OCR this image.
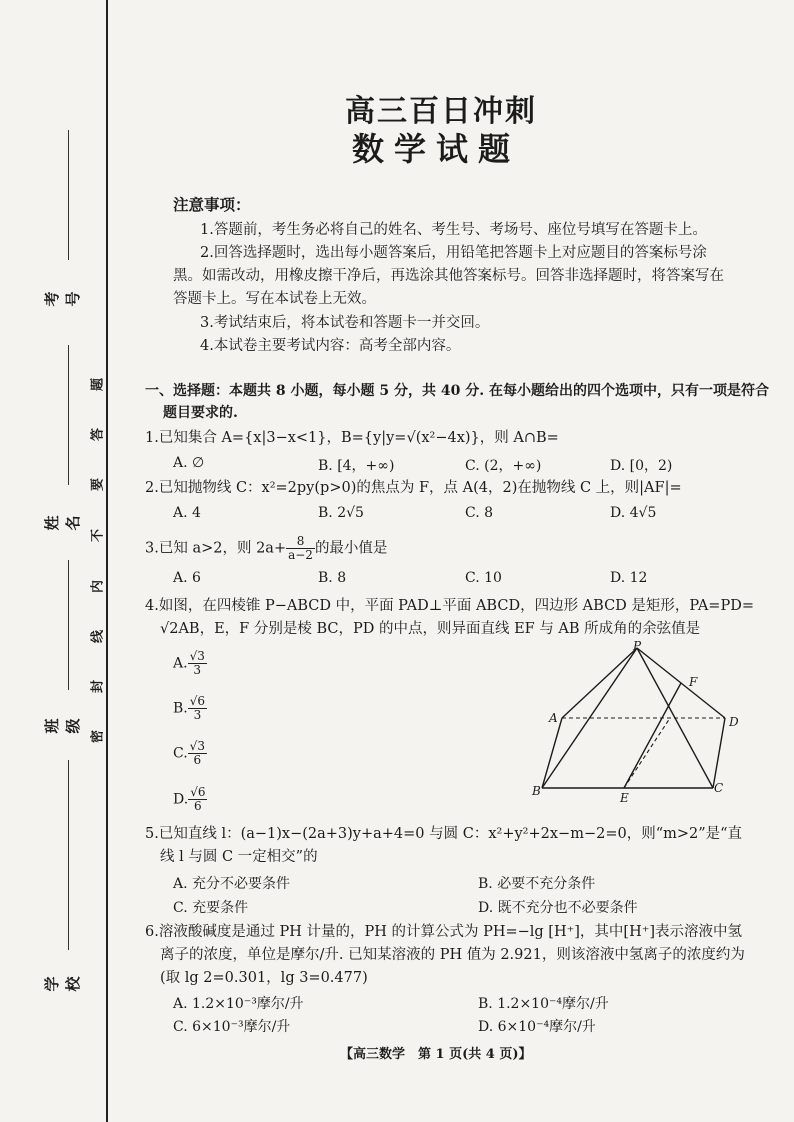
考号
姓名
班级
学校
题
答
要
不
内
线
封
密
高三百日冲刺
数学试题
注意事项：
1.答题前，考生务必将自己的姓名、考生号、考场号、座位号填写在答题卡上。
2.回答选择题时，选出每小题答案后，用铅笔把答题卡上对应题目的答案标号涂
黑。如需改动，用橡皮擦干净后，再选涂其他答案标号。回答非选择题时，将答案写在
答题卡上。写在本试卷上无效。
3.考试结束后，将本试卷和答题卡一并交回。
4.本试卷主要考试内容：高考全部内容。
一、选择题：本题共 8 小题，每小题 5 分，共 40 分. 在每小题给出的四个选项中，只有一项是符合
题目要求的.
1.已知集合 A={x|3−x<1}，B={y|y=√(x²−4x)}，则 A∩B=
A. ∅	B. [4，+∞)	C. (2，+∞)	D. [0，2)
2.已知抛物线 C：x²=2py(p>0)的焦点为 F，点 A(4，2)在抛物线 C 上，则|AF|=
A. 4	B. 2√5	C. 8	D. 4√5
3.已知 a>2，则 $2a+ \frac{8}{a-2}$ 的最小值是
A. 6	B. 8	C. 10	D. 12
4.如图，在四棱锥 P−ABCD 中，平面 PAD⊥平面 ABCD，四边形 ABCD 是矩形，PA=PD=
√2AB，E，F 分别是棱 BC，PD 的中点，则异面直线 EF 与 AB 所成角的余弦值是
A. $\frac{√3}{3}$
B. $\frac{√6}{3}$
C. $\frac{√3}{6}$
D. $\frac{√6}{6}$
P
F
A	D
B	E
C
5.已知直线 l：(a−1)x−(2a+3)y+a+4=0 与圆 C：x²+y²+2x−m−2=0，则“m>2”是“直
线 l 与圆 C 一定相交”的
A. 充分不必要条件	B. 必要不充分条件
C. 充要条件	D. 既不充分也不必要条件
6.溶液酸碱度是通过 PH 计量的，PH 的计算公式为 PH=−lg [H⁺]，其中[H⁺]表示溶液中氢
离子的浓度，单位是摩尔/升. 已知某溶液的 PH 值为 2.921，则该溶液中氢离子的浓度约为
(取 lg 2=0.301，lg 3=0.477)
A. 1.2×10⁻³摩尔/升	B. 1.2×10⁻⁴摩尔/升
C. 6×10⁻³摩尔/升	D. 6×10⁻⁴摩尔/升
【高三数学　第 1 页(共 4 页)】
